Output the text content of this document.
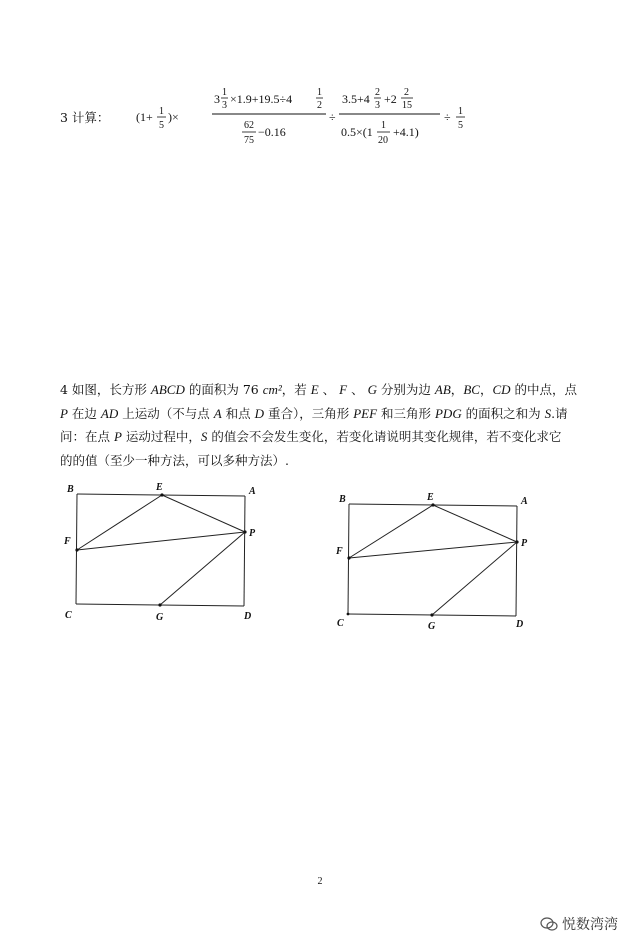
3 计算： (1+ 1
5
)×
3 1
3 ×1.9+19.5÷4 1
2
62
75
−0.16
÷
3.5+4 2
3 +2 2
15
0.5×(1 1
20
+4.1)
÷ 1
5

4 如图，长方形 ABCD 的面积为 76 cm²，若 E 、 F 、 G 分别为边 AB，BC，CD 的中点，点

P 在边 AD 上运动（不与点 A 和点 D 重合），三角形 PEF 和三角形 PDG 的面积之和为 S.请

问：在点 P 运动过程中，S 的值会不会发生变化，若变化请说明其变化规律，若不变化求它

的的值（至少一种方法，可以多种方法）.

B	E	A
F
P
C	G	D
B	E	A
F
P
C	G	D
2
悦数湾湾
